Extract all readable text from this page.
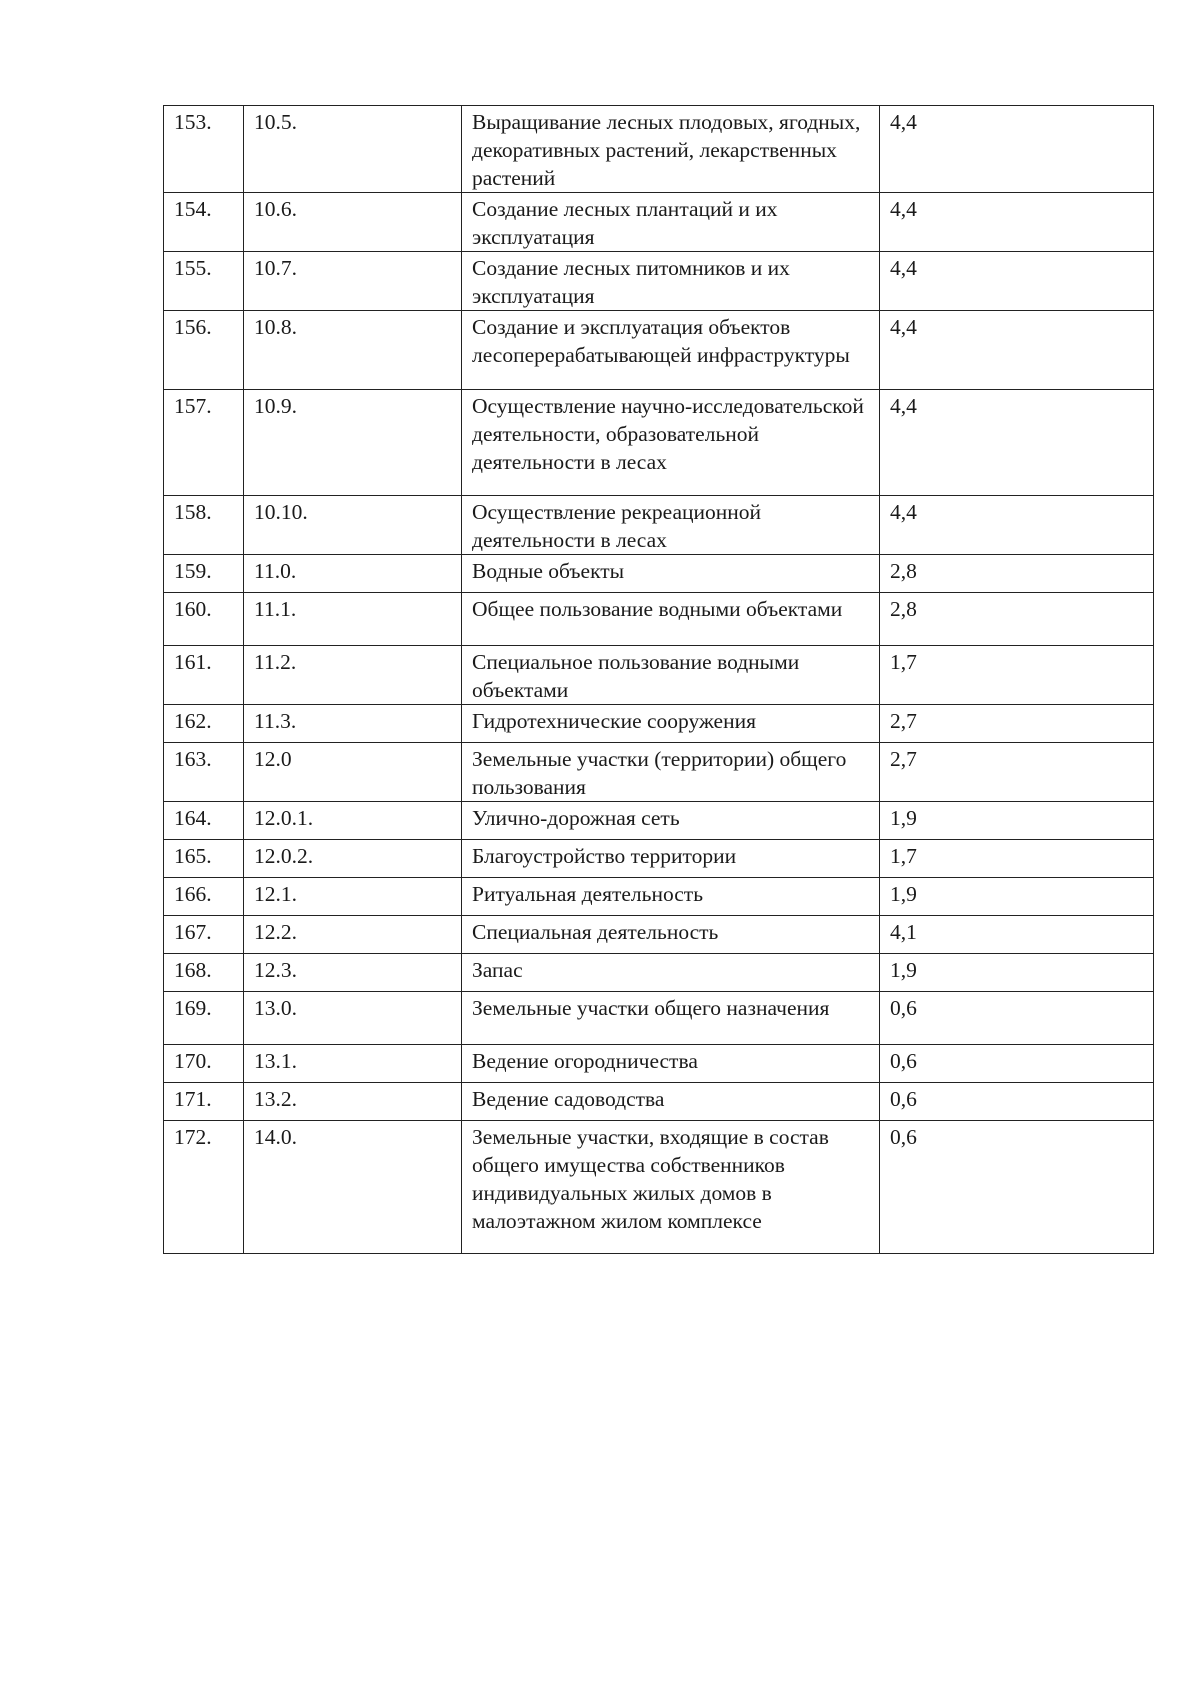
153.	10.5.	Выращивание лесных плодовых, ягодных, декоративных растений, лекарственных растений	4,4
154.	10.6.	Создание лесных плантаций и их эксплуатация	4,4
155.	10.7.	Создание лесных питомников и их эксплуатация	4,4
156.	10.8.	Создание и эксплуатация объектов лесоперерабатывающей инфраструктуры	4,4
157.	10.9.	Осуществление научно-исследовательской деятельности, образовательной деятельности в лесах	4,4
158.	10.10.	Осуществление рекреационной деятельности в лесах	4,4
159.	11.0.	Водные объекты	2,8
160.	11.1.	Общее пользование водными объектами	2,8
161.	11.2.	Специальное пользование водными объектами	1,7
162.	11.3.	Гидротехнические сооружения	2,7
163.	12.0	Земельные участки (территории) общего пользования	2,7
164.	12.0.1.	Улично-дорожная сеть	1,9
165.	12.0.2.	Благоустройство территории	1,7
166.	12.1.	Ритуальная деятельность	1,9
167.	12.2.	Специальная деятельность	4,1
168.	12.3.	Запас	1,9
169.	13.0.	Земельные участки общего назначения	0,6
170.	13.1.	Ведение огородничества	0,6
171.	13.2.	Ведение садоводства	0,6
172.	14.0.	Земельные участки, входящие в состав общего имущества собственников индивидуальных жилых домов в малоэтажном жилом комплексе	0,6
